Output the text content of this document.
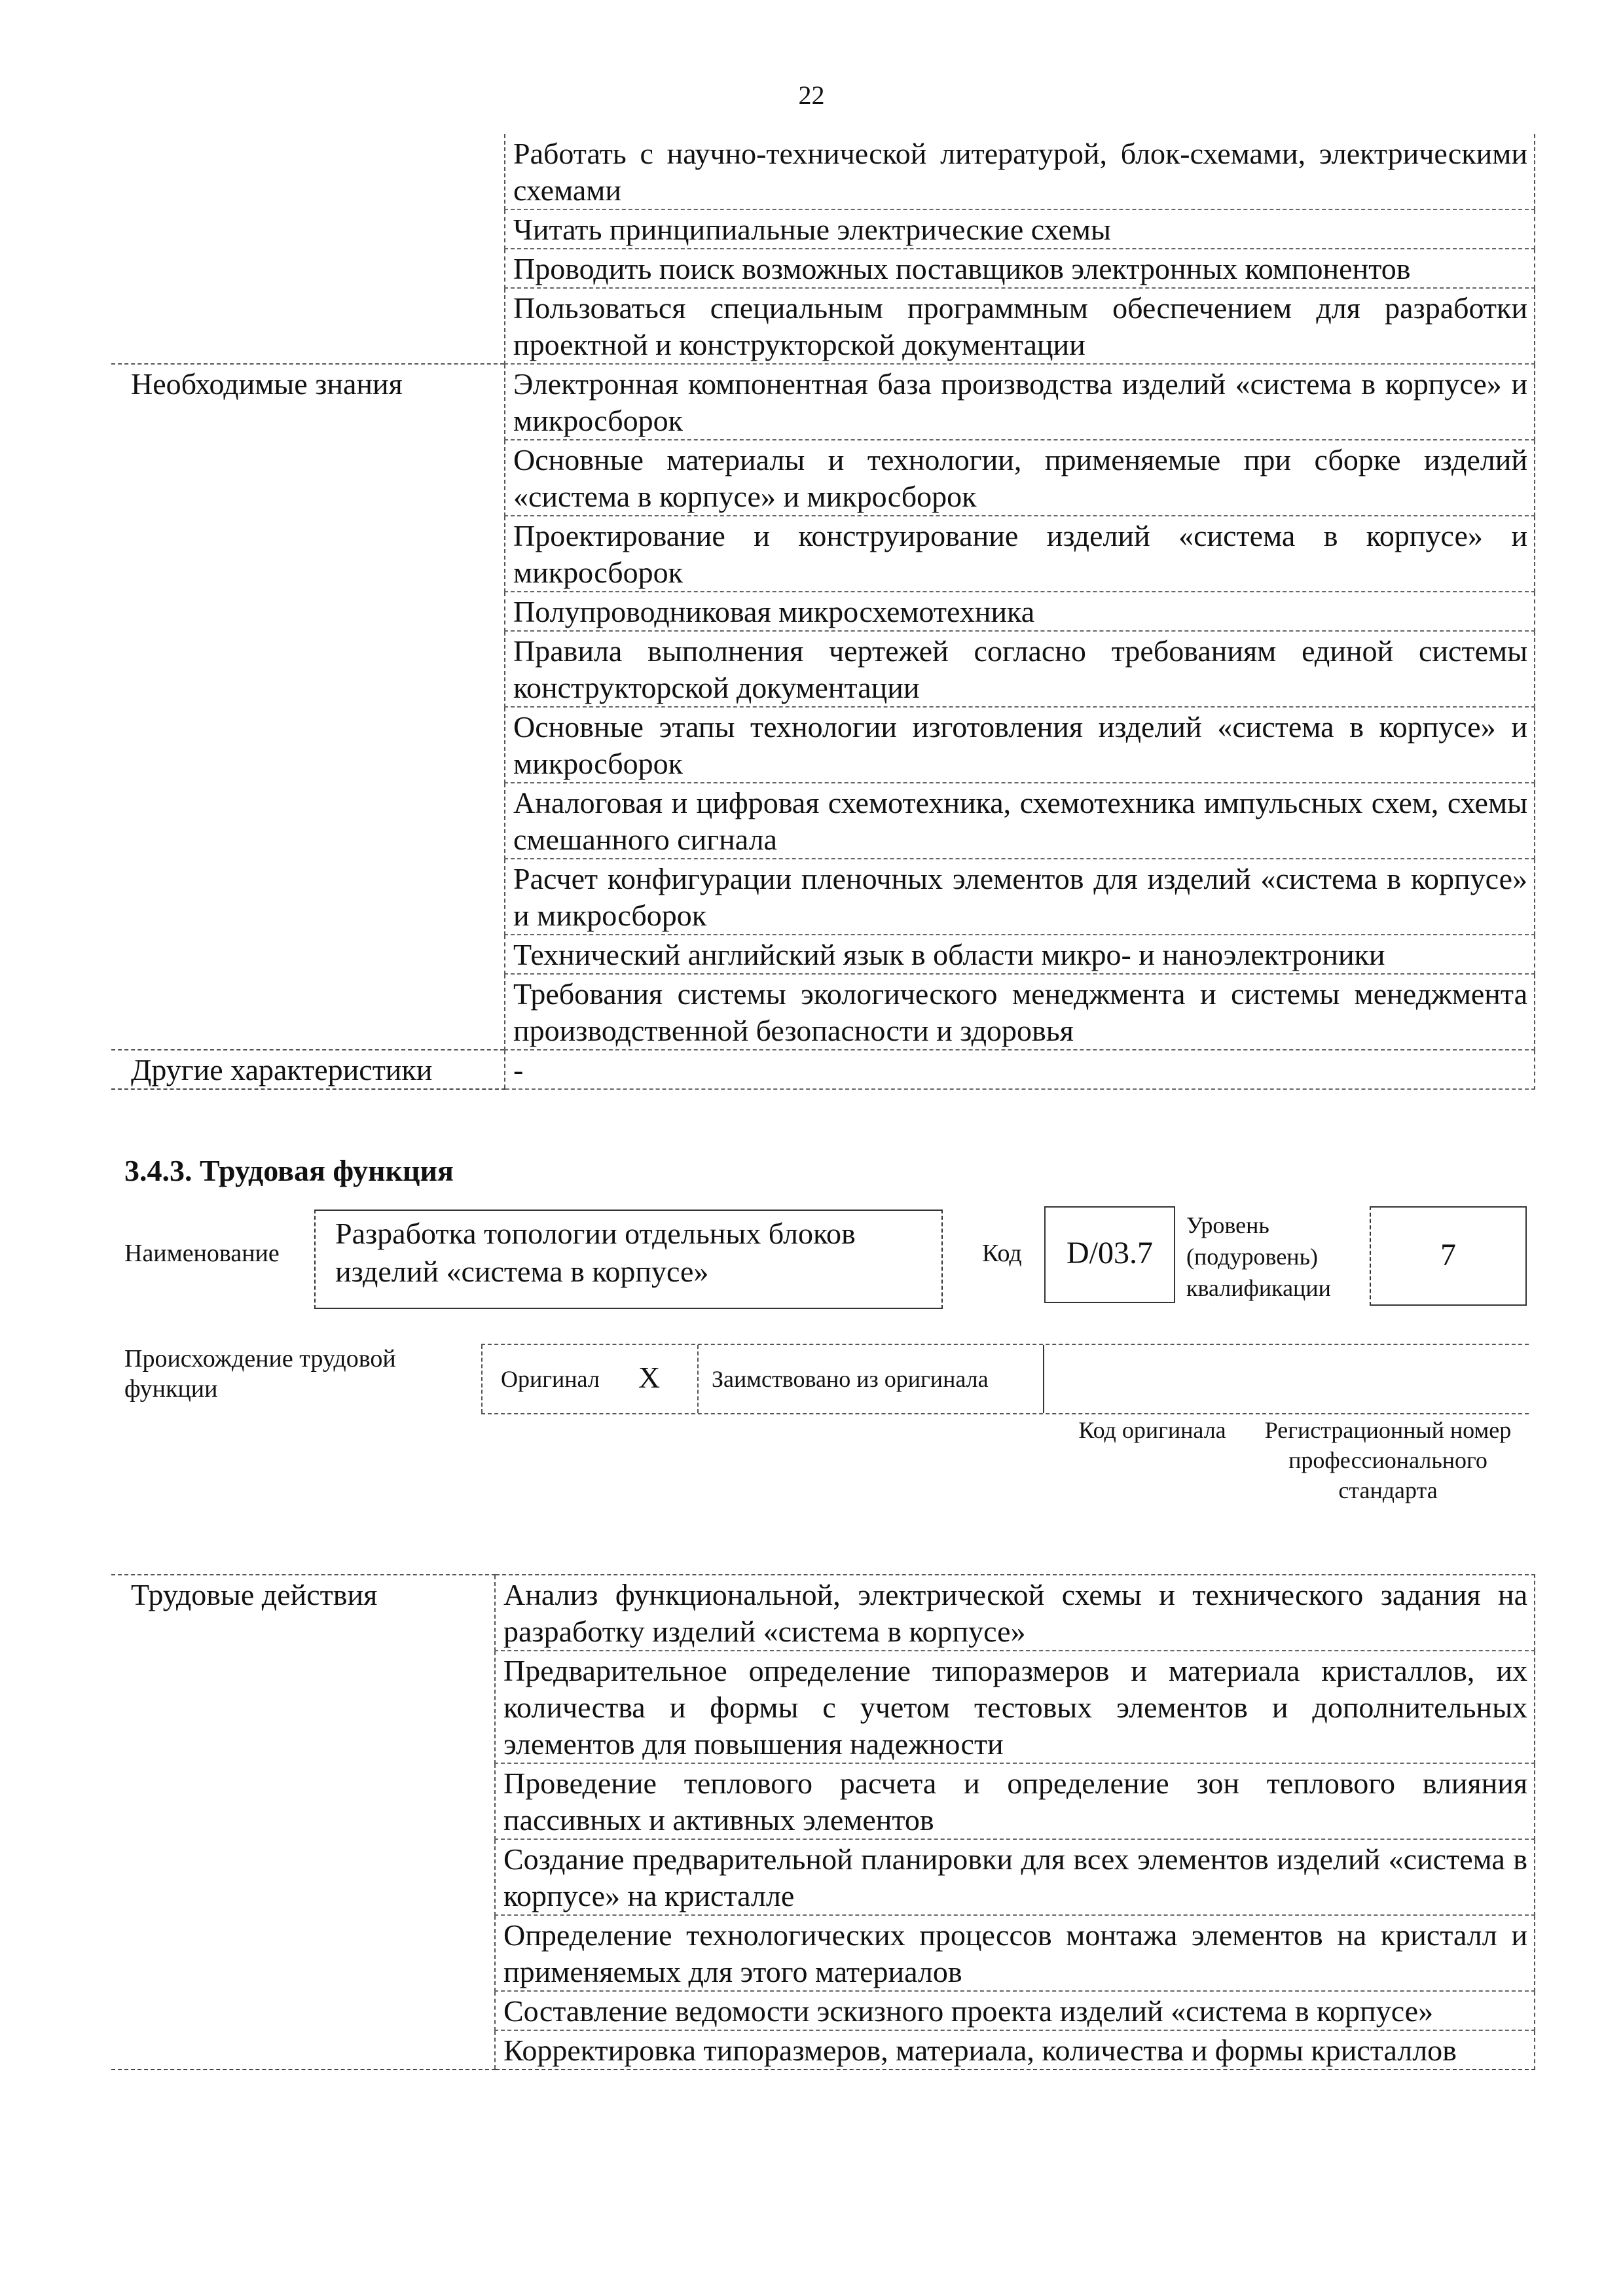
22
	Работать с научно-технической литературой, блок-схемами, электрическими схемами
	Читать принципиальные электрические схемы
	Проводить поиск возможных поставщиков электронных компонентов
	Пользоваться специальным программным обеспечением для разработки проектной и конструкторской документации
Необходимые знания	Электронная компонентная база производства изделий «система в корпусе» и микросборок
	Основные материалы и технологии, применяемые при сборке изделий «система в корпусе» и микросборок
	Проектирование и конструирование изделий «система в корпусе» и микросборок
	Полупроводниковая микросхемотехника
	Правила выполнения чертежей согласно требованиям единой системы конструкторской документации
	Основные этапы технологии изготовления изделий «система в корпусе» и микросборок
	Аналоговая и цифровая схемотехника, схемотехника импульсных схем, схемы смешанного сигнала
	Расчет конфигурации пленочных элементов для изделий «система в корпусе» и микросборок
	Технический английский язык в области микро- и наноэлектроники
	Требования системы экологического менеджмента и системы менеджмента производственной безопасности и здоровья
Другие характеристики	-
3.4.3. Трудовая функция
Наименование
Разработка топологии отдельных блоков изделий «система в корпусе»
Код	D/03.7
Уровень (подуровень) квалификации
7
Происхождение трудовой функции	Оригинал	Заимствовано из оригинала
X
Код оригинала	Регистрационный номер профессионального стандарта
Трудовые действия	Анализ функциональной, электрической схемы и технического задания на разработку изделий «система в корпусе»
	Предварительное определение типоразмеров и материала кристаллов, их количества и формы с учетом тестовых элементов и дополнительных элементов для повышения надежности
	Проведение теплового расчета и определение зон теплового влияния пассивных и активных элементов
	Создание предварительной планировки для всех элементов изделий «система в корпусе» на кристалле
	Определение технологических процессов монтажа элементов на кристалл и применяемых для этого материалов
	Составление ведомости эскизного проекта изделий «система в корпусе»
	Корректировка типоразмеров, материала, количества и формы кристаллов
